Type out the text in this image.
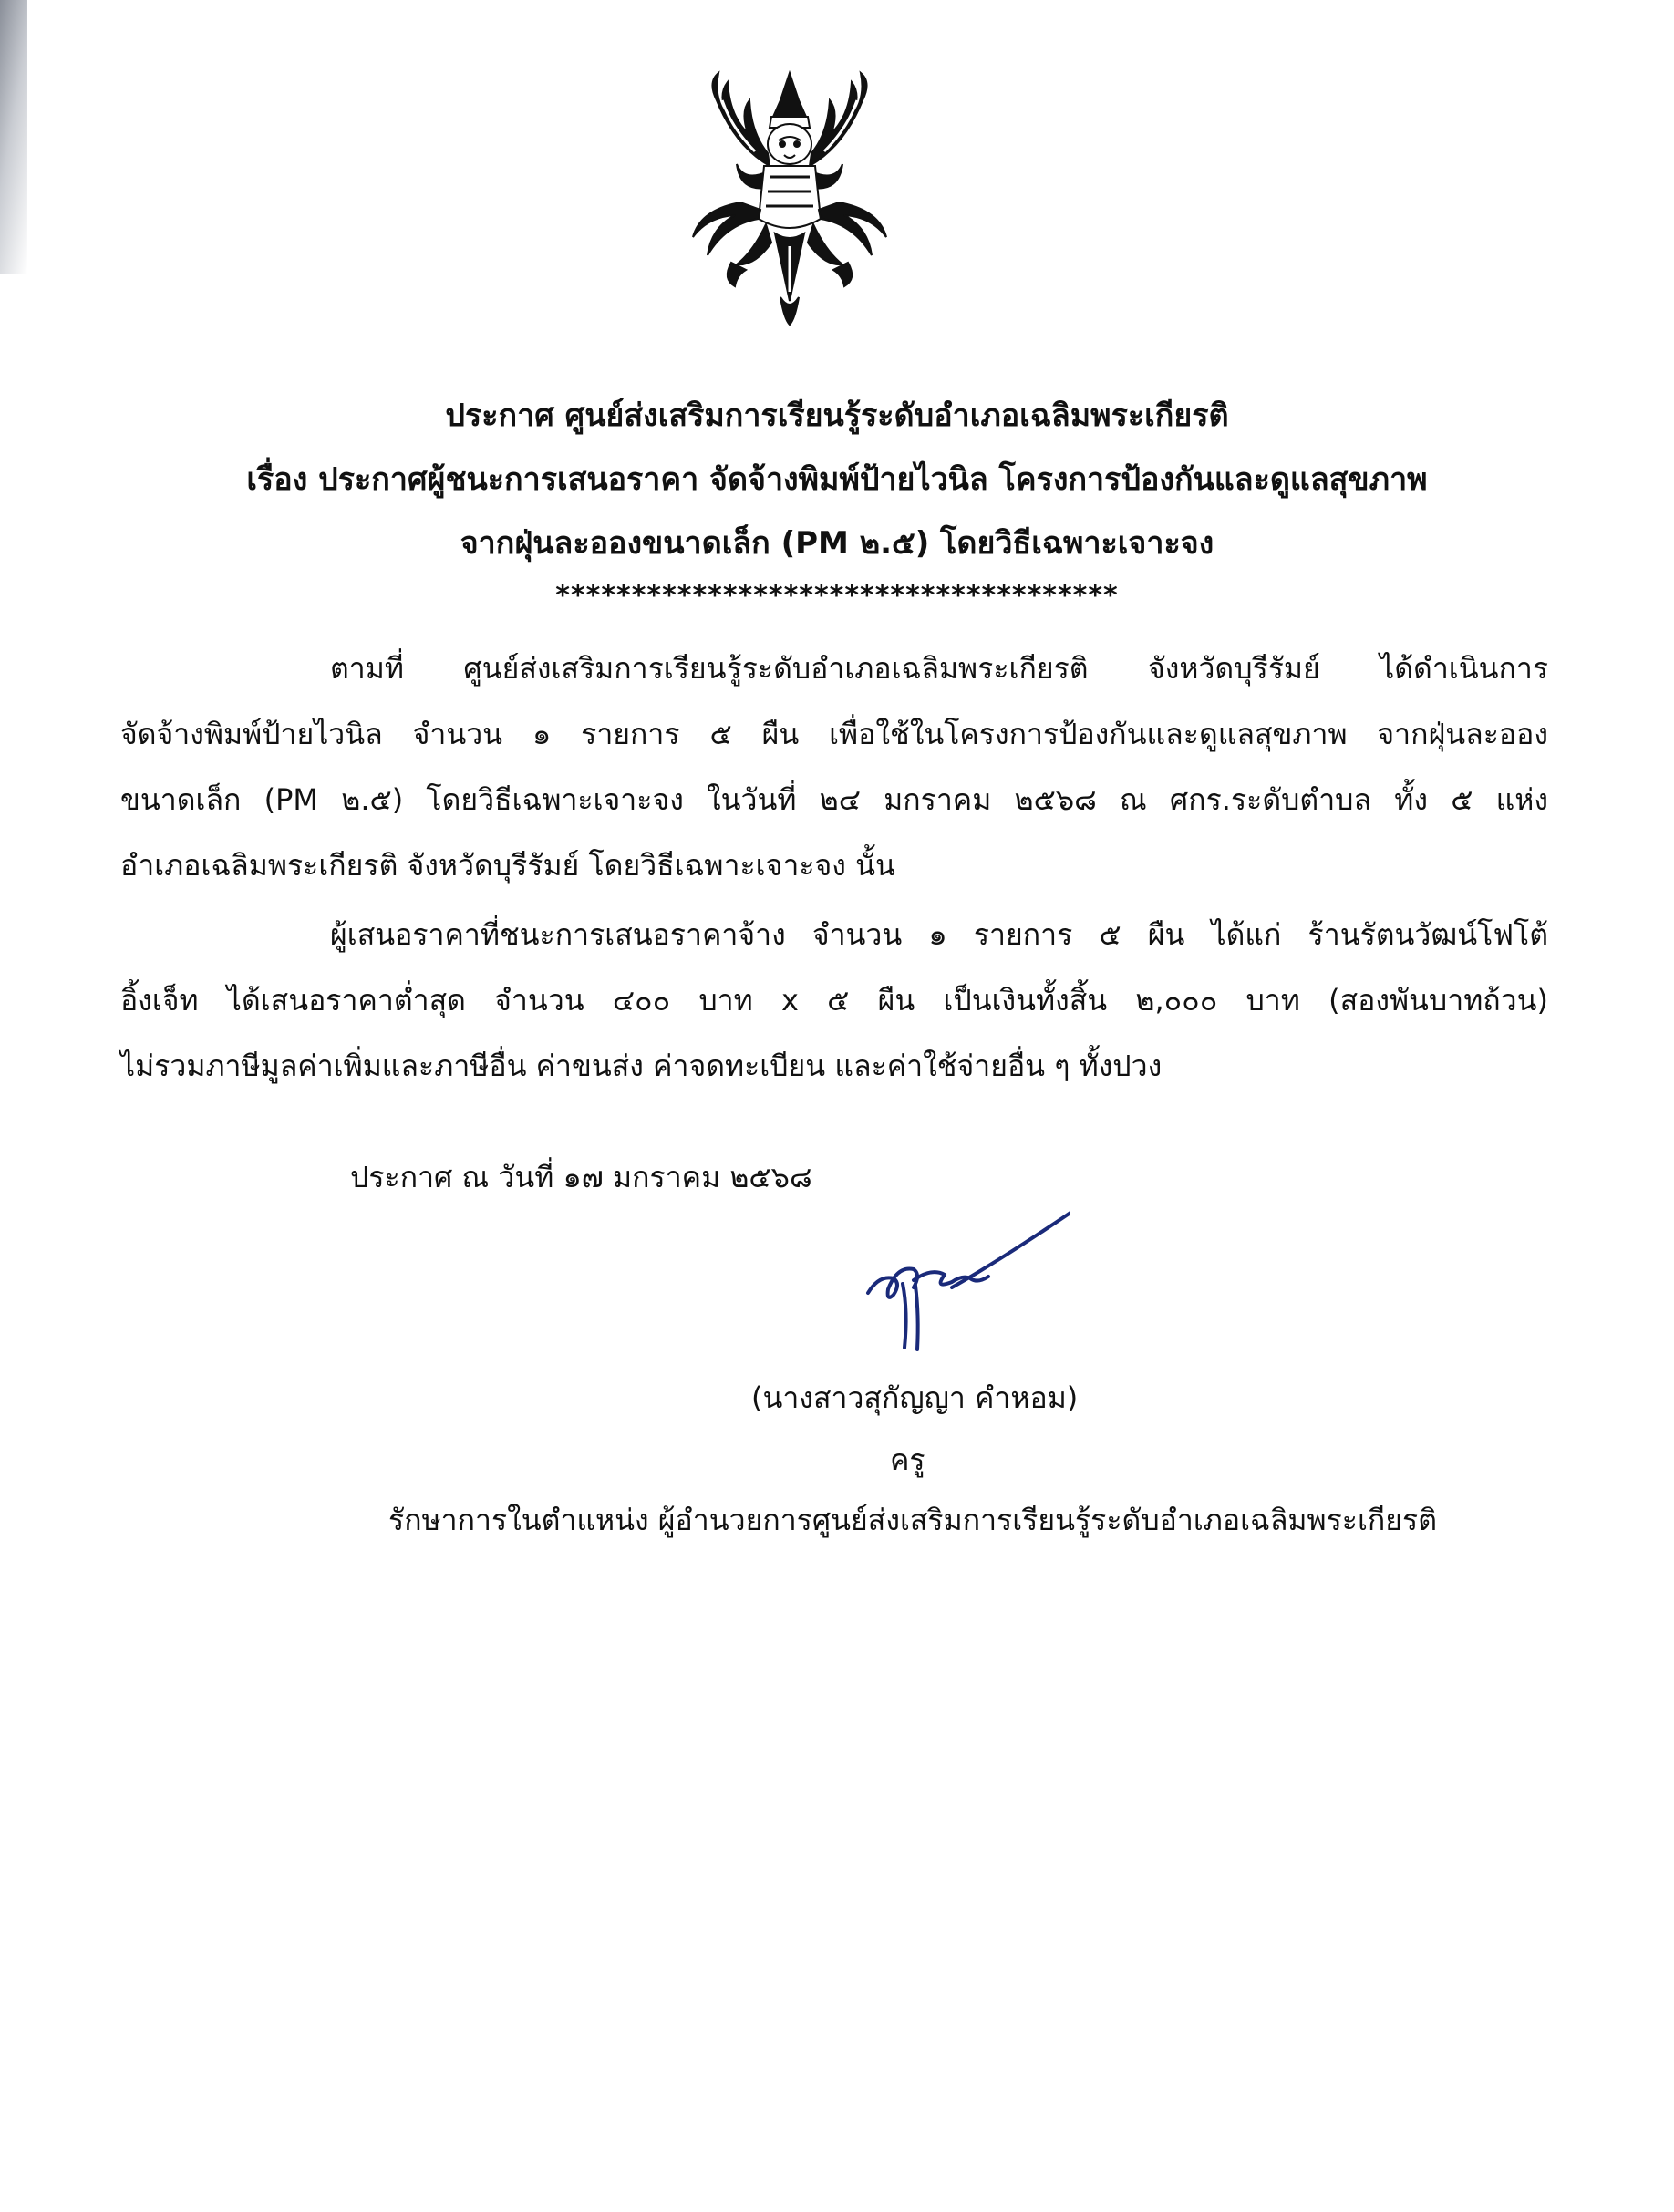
ประกาศ ศูนย์ส่งเสริมการเรียนรู้ระดับอำเภอเฉลิมพระเกียรติ
เรื่อง ประกาศผู้ชนะการเสนอราคา จัดจ้างพิมพ์ป้ายไวนิล โครงการป้องกันและดูแลสุขภาพ
จากฝุ่นละอองขนาดเล็ก (PM ๒.๕) โดยวิธีเฉพาะเจาะจง
*************************************
ตามที่ ศูนย์ส่งเสริมการเรียนรู้ระดับอำเภอเฉลิมพระเกียรติ จังหวัดบุรีรัมย์ ได้ดำเนินการ
จัดจ้างพิมพ์ป้ายไวนิล จำนวน ๑ รายการ ๕ ผืน เพื่อใช้ในโครงการป้องกันและดูแลสุขภาพ จากฝุ่นละออง
ขนาดเล็ก (PM ๒.๕) โดยวิธีเฉพาะเจาะจง ในวันที่ ๒๔ มกราคม ๒๕๖๘ ณ ศกร.ระดับตำบล ทั้ง ๕ แห่ง
อำเภอเฉลิมพระเกียรติ จังหวัดบุรีรัมย์ โดยวิธีเฉพาะเจาะจง นั้น
ผู้เสนอราคาที่ชนะการเสนอราคาจ้าง จำนวน ๑ รายการ ๕ ผืน ได้แก่ ร้านรัตนวัฒน์โฟโต้
อิ้งเจ็ท ได้เสนอราคาต่ำสุด จำนวน ๔๐๐ บาท x ๕ ผืน เป็นเงินทั้งสิ้น ๒,๐๐๐ บาท (สองพันบาทถ้วน)
ไม่รวมภาษีมูลค่าเพิ่มและภาษีอื่น ค่าขนส่ง ค่าจดทะเบียน และค่าใช้จ่ายอื่น ๆ ทั้งปวง
ประกาศ ณ วันที่ ๑๗ มกราคม ๒๕๖๘
(นางสาวสุกัญญา คำหอม)
ครู
รักษาการในตำแหน่ง ผู้อำนวยการศูนย์ส่งเสริมการเรียนรู้ระดับอำเภอเฉลิมพระเกียรติ
